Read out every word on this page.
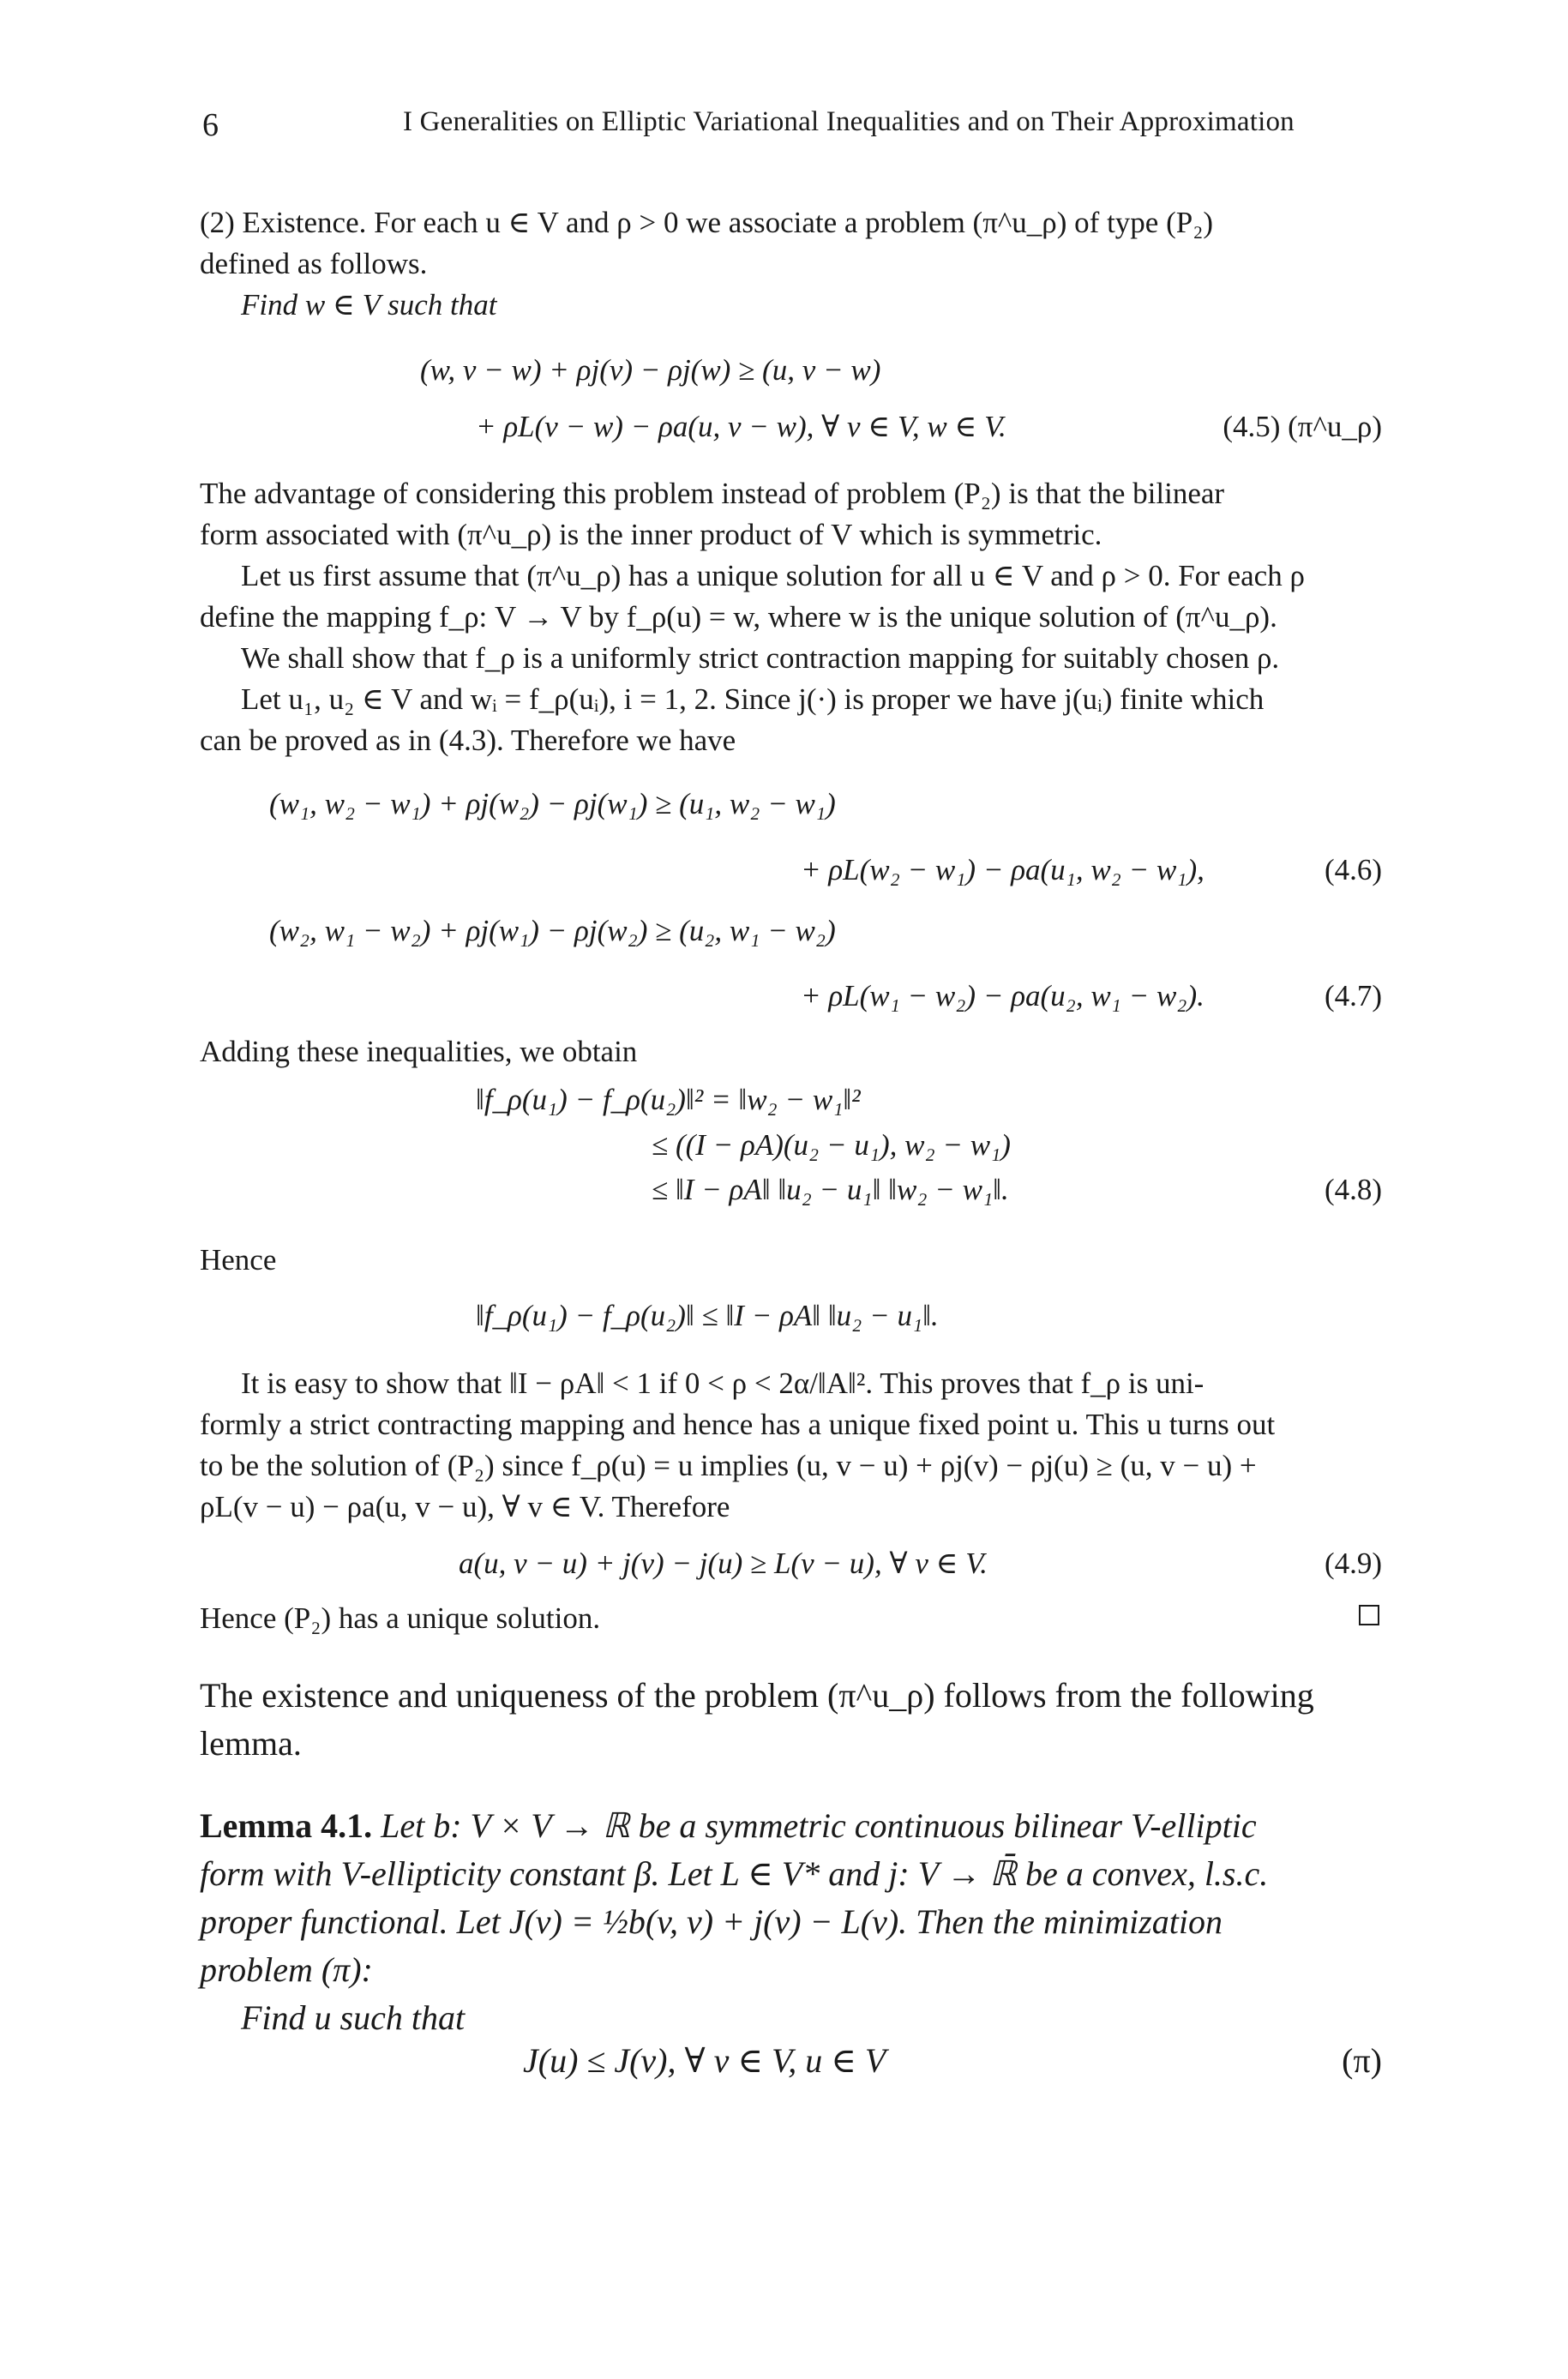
6	I Generalities on Elliptic Variational Inequalities and on Their Approximation
(2) Existence. For each u ∈ V and ρ > 0 we associate a problem (π^u_ρ) of type (P₂)
defined as follows.
Find w ∈ V such that
(w, v − w) + ρj(v) − ρj(w) ≥ (u, v − w)
+ ρL(v − w) − ρa(u, v − w), ∀ v ∈ V, w ∈ V.	(4.5) (π^u_ρ)
The advantage of considering this problem instead of problem (P₂) is that the bilinear
form associated with (π^u_ρ) is the inner product of V which is symmetric.
Let us first assume that (π^u_ρ) has a unique solution for all u ∈ V and ρ > 0. For each ρ
define the mapping f_ρ: V → V by f_ρ(u) = w, where w is the unique solution of (π^u_ρ).
We shall show that f_ρ is a uniformly strict contraction mapping for suitably chosen ρ.
Let u₁, u₂ ∈ V and wᵢ = f_ρ(uᵢ), i = 1, 2. Since j(·) is proper we have j(uᵢ) finite which
can be proved as in (4.3). Therefore we have
(w₁, w₂ − w₁) + ρj(w₂) − ρj(w₁) ≥ (u₁, w₂ − w₁)
+ ρL(w₂ − w₁) − ρa(u₁, w₂ − w₁),	(4.6)
(w₂, w₁ − w₂) + ρj(w₁) − ρj(w₂) ≥ (u₂, w₁ − w₂)
+ ρL(w₁ − w₂) − ρa(u₂, w₁ − w₂).	(4.7)
Adding these inequalities, we obtain
‖f_ρ(u₁) − f_ρ(u₂)‖² = ‖w₂ − w₁‖²
≤ ((I − ρA)(u₂ − u₁), w₂ − w₁)
≤ ‖I − ρA‖ ‖u₂ − u₁‖ ‖w₂ − w₁‖.	(4.8)
Hence
‖f_ρ(u₁) − f_ρ(u₂)‖ ≤ ‖I − ρA‖ ‖u₂ − u₁‖.
It is easy to show that ‖I − ρA‖ < 1 if 0 < ρ < 2α/‖A‖². This proves that f_ρ is uni-
formly a strict contracting mapping and hence has a unique fixed point u. This u turns out
to be the solution of (P₂) since f_ρ(u) = u implies (u, v − u) + ρj(v) − ρj(u) ≥ (u, v − u) +
ρL(v − u) − ρa(u, v − u), ∀ v ∈ V. Therefore
a(u, v − u) + j(v) − j(u) ≥ L(v − u), ∀ v ∈ V.	(4.9)
Hence (P₂) has a unique solution.
The existence and uniqueness of the problem (π^u_ρ) follows from the following
lemma.
Lemma 4.1. Let b: V × V → ℝ be a symmetric continuous bilinear V-elliptic
form with V-ellipticity constant β. Let L ∈ V* and j: V → ℝ̄ be a convex, l.s.c.
proper functional. Let J(v) = ½b(v, v) + j(v) − L(v). Then the minimization
problem (π):
Find u such that
J(u) ≤ J(v), ∀ v ∈ V, u ∈ V	(π)
